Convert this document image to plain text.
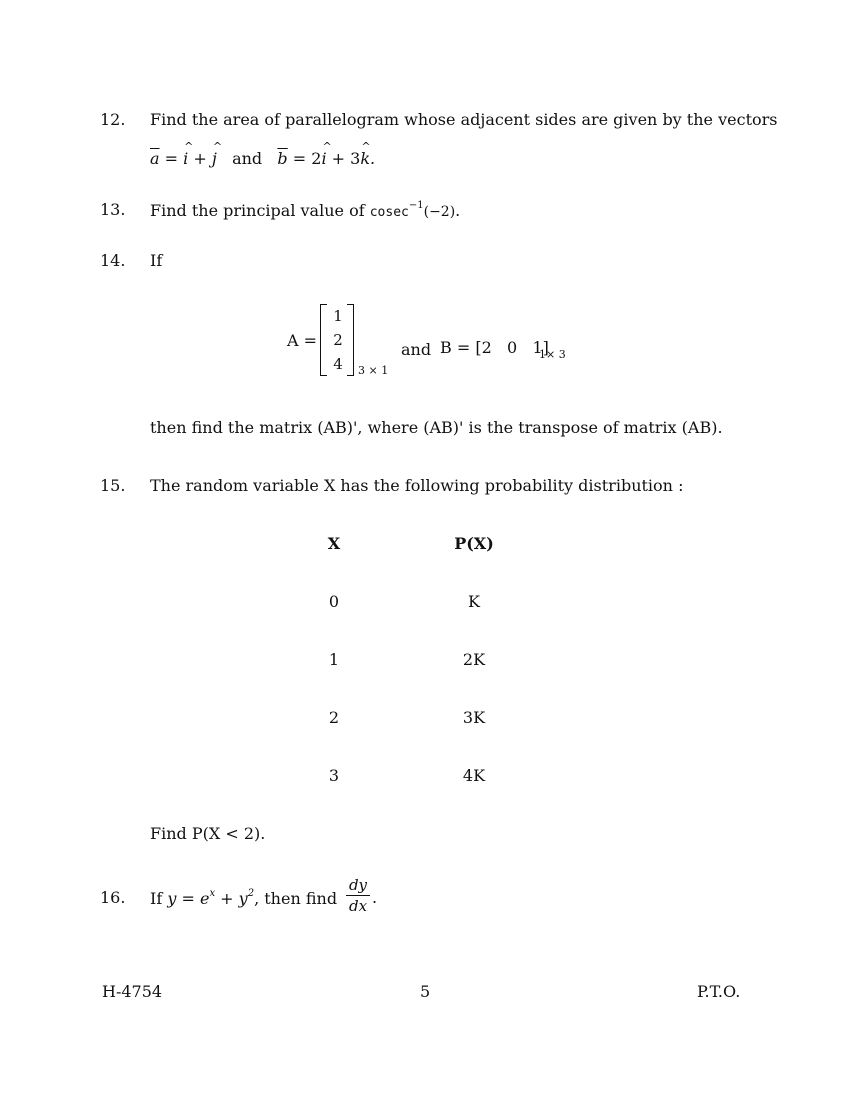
12. Find the area of parallelogram whose adjacent sides are given by the vectors
$\overline{a}$ = ^ i + ^ j and $\overline{b}$ = 2^ i + 3^ k.
13. Find the principal value of cosec$^{-1}$(−2).
14. If
A =
1
2
4 3 × 1
and B = [2   0   1]
1× 3
then find the matrix (AB)', where (AB)' is the transpose of matrix (AB).
15. The random variable X has the following probability distribution :
X	P(X)
0	K
1	2K
2	3K
3	4K
Find P(X < 2).
16. If $y = e^x + y^2$, then find $\frac{dy}{dx}$ .
H-4754	5	P.T.O.
